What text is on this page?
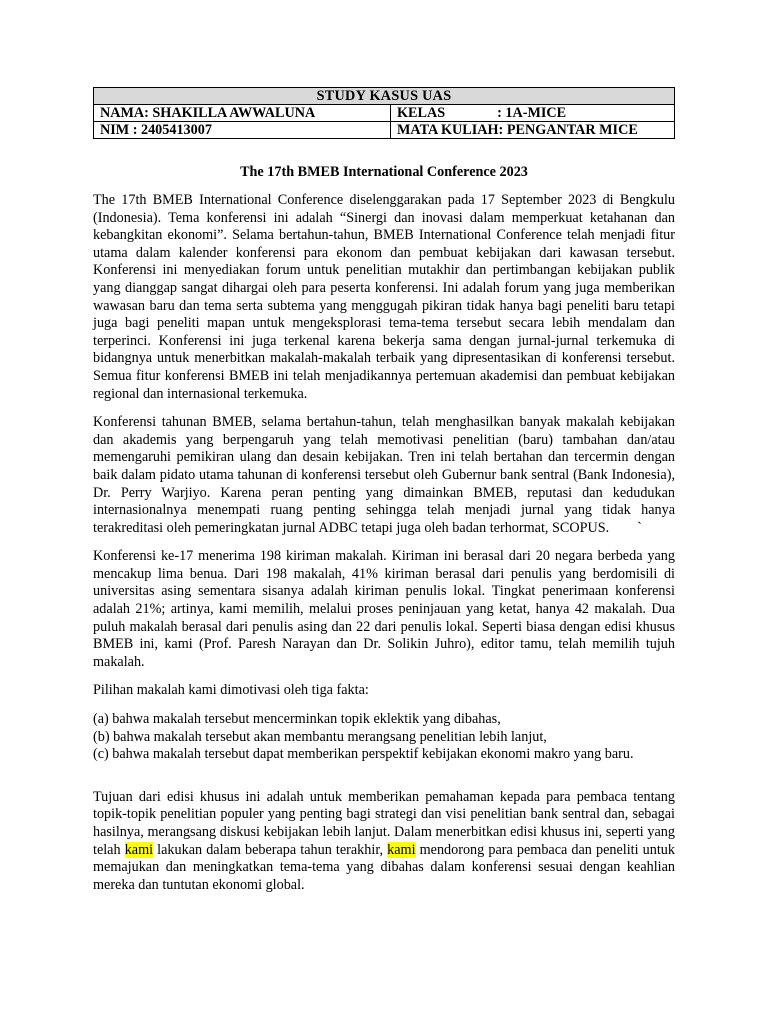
STUDY KASUS UAS	
NAMA: SHAKILLA AWWALUNA	KELAS : 1A-MICE
NIM : 2405413007	MATA KULIAH: PENGANTAR MICE
The 17th BMEB International Conference 2023

The 17th BMEB International Conference diselenggarakan pada 17 September 2023 di Bengkulu (Indonesia). Tema konferensi ini adalah “Sinergi dan inovasi dalam memperkuat ketahanan dan kebangkitan ekonomi”. Selama bertahun-tahun, BMEB International Conference telah menjadi fitur utama dalam kalender konferensi para ekonom dan pembuat kebijakan dari kawasan tersebut. Konferensi ini menyediakan forum untuk penelitian mutakhir dan pertimbangan kebijakan publik yang dianggap sangat dihargai oleh para peserta konferensi. Ini adalah forum yang juga memberikan wawasan baru dan tema serta subtema yang menggugah pikiran tidak hanya bagi peneliti baru tetapi juga bagi peneliti mapan untuk mengeksplorasi tema-tema tersebut secara lebih mendalam dan terperinci. Konferensi ini juga terkenal karena bekerja sama dengan jurnal-jurnal terkemuka di bidangnya untuk menerbitkan makalah-makalah terbaik yang dipresentasikan di konferensi tersebut. Semua fitur konferensi BMEB ini telah menjadikannya pertemuan akademisi dan pembuat kebijakan regional dan internasional terkemuka.

Konferensi tahunan BMEB, selama bertahun-tahun, telah menghasilkan banyak makalah kebijakan dan akademis yang berpengaruh yang telah memotivasi penelitian (baru) tambahan dan/atau memengaruhi pemikiran ulang dan desain kebijakan. Tren ini telah bertahan dan tercermin dengan baik dalam pidato utama tahunan di konferensi tersebut oleh Gubernur bank sentral (Bank Indonesia), Dr. Perry Warjiyo. Karena peran penting yang dimainkan BMEB, reputasi dan kedudukan internasionalnya menempati ruang penting sehingga telah menjadi jurnal yang tidak hanya terakreditasi oleh pemeringkatan jurnal ADBC tetapi juga oleh badan terhormat, SCOPUS. `

Konferensi ke-17 menerima 198 kiriman makalah. Kiriman ini berasal dari 20 negara berbeda yang mencakup lima benua. Dari 198 makalah, 41% kiriman berasal dari penulis yang berdomisili di universitas asing sementara sisanya adalah kiriman penulis lokal. Tingkat penerimaan konferensi adalah 21%; artinya, kami memilih, melalui proses peninjauan yang ketat, hanya 42 makalah. Dua puluh makalah berasal dari penulis asing dan 22 dari penulis lokal. Seperti biasa dengan edisi khusus BMEB ini, kami (Prof. Paresh Narayan dan Dr. Solikin Juhro), editor tamu, telah memilih tujuh makalah.

Pilihan makalah kami dimotivasi oleh tiga fakta:

(a) bahwa makalah tersebut mencerminkan topik eklektik yang dibahas,

(b) bahwa makalah tersebut akan membantu merangsang penelitian lebih lanjut,

(c) bahwa makalah tersebut dapat memberikan perspektif kebijakan ekonomi makro yang baru.

Tujuan dari edisi khusus ini adalah untuk memberikan pemahaman kepada para pembaca tentang topik-topik penelitian populer yang penting bagi strategi dan visi penelitian bank sentral dan, sebagai hasilnya, merangsang diskusi kebijakan lebih lanjut. Dalam menerbitkan edisi khusus ini, seperti yang telah kami lakukan dalam beberapa tahun terakhir, kami mendorong para pembaca dan peneliti untuk memajukan dan meningkatkan tema-tema yang dibahas dalam konferensi sesuai dengan keahlian mereka dan tuntutan ekonomi global.
